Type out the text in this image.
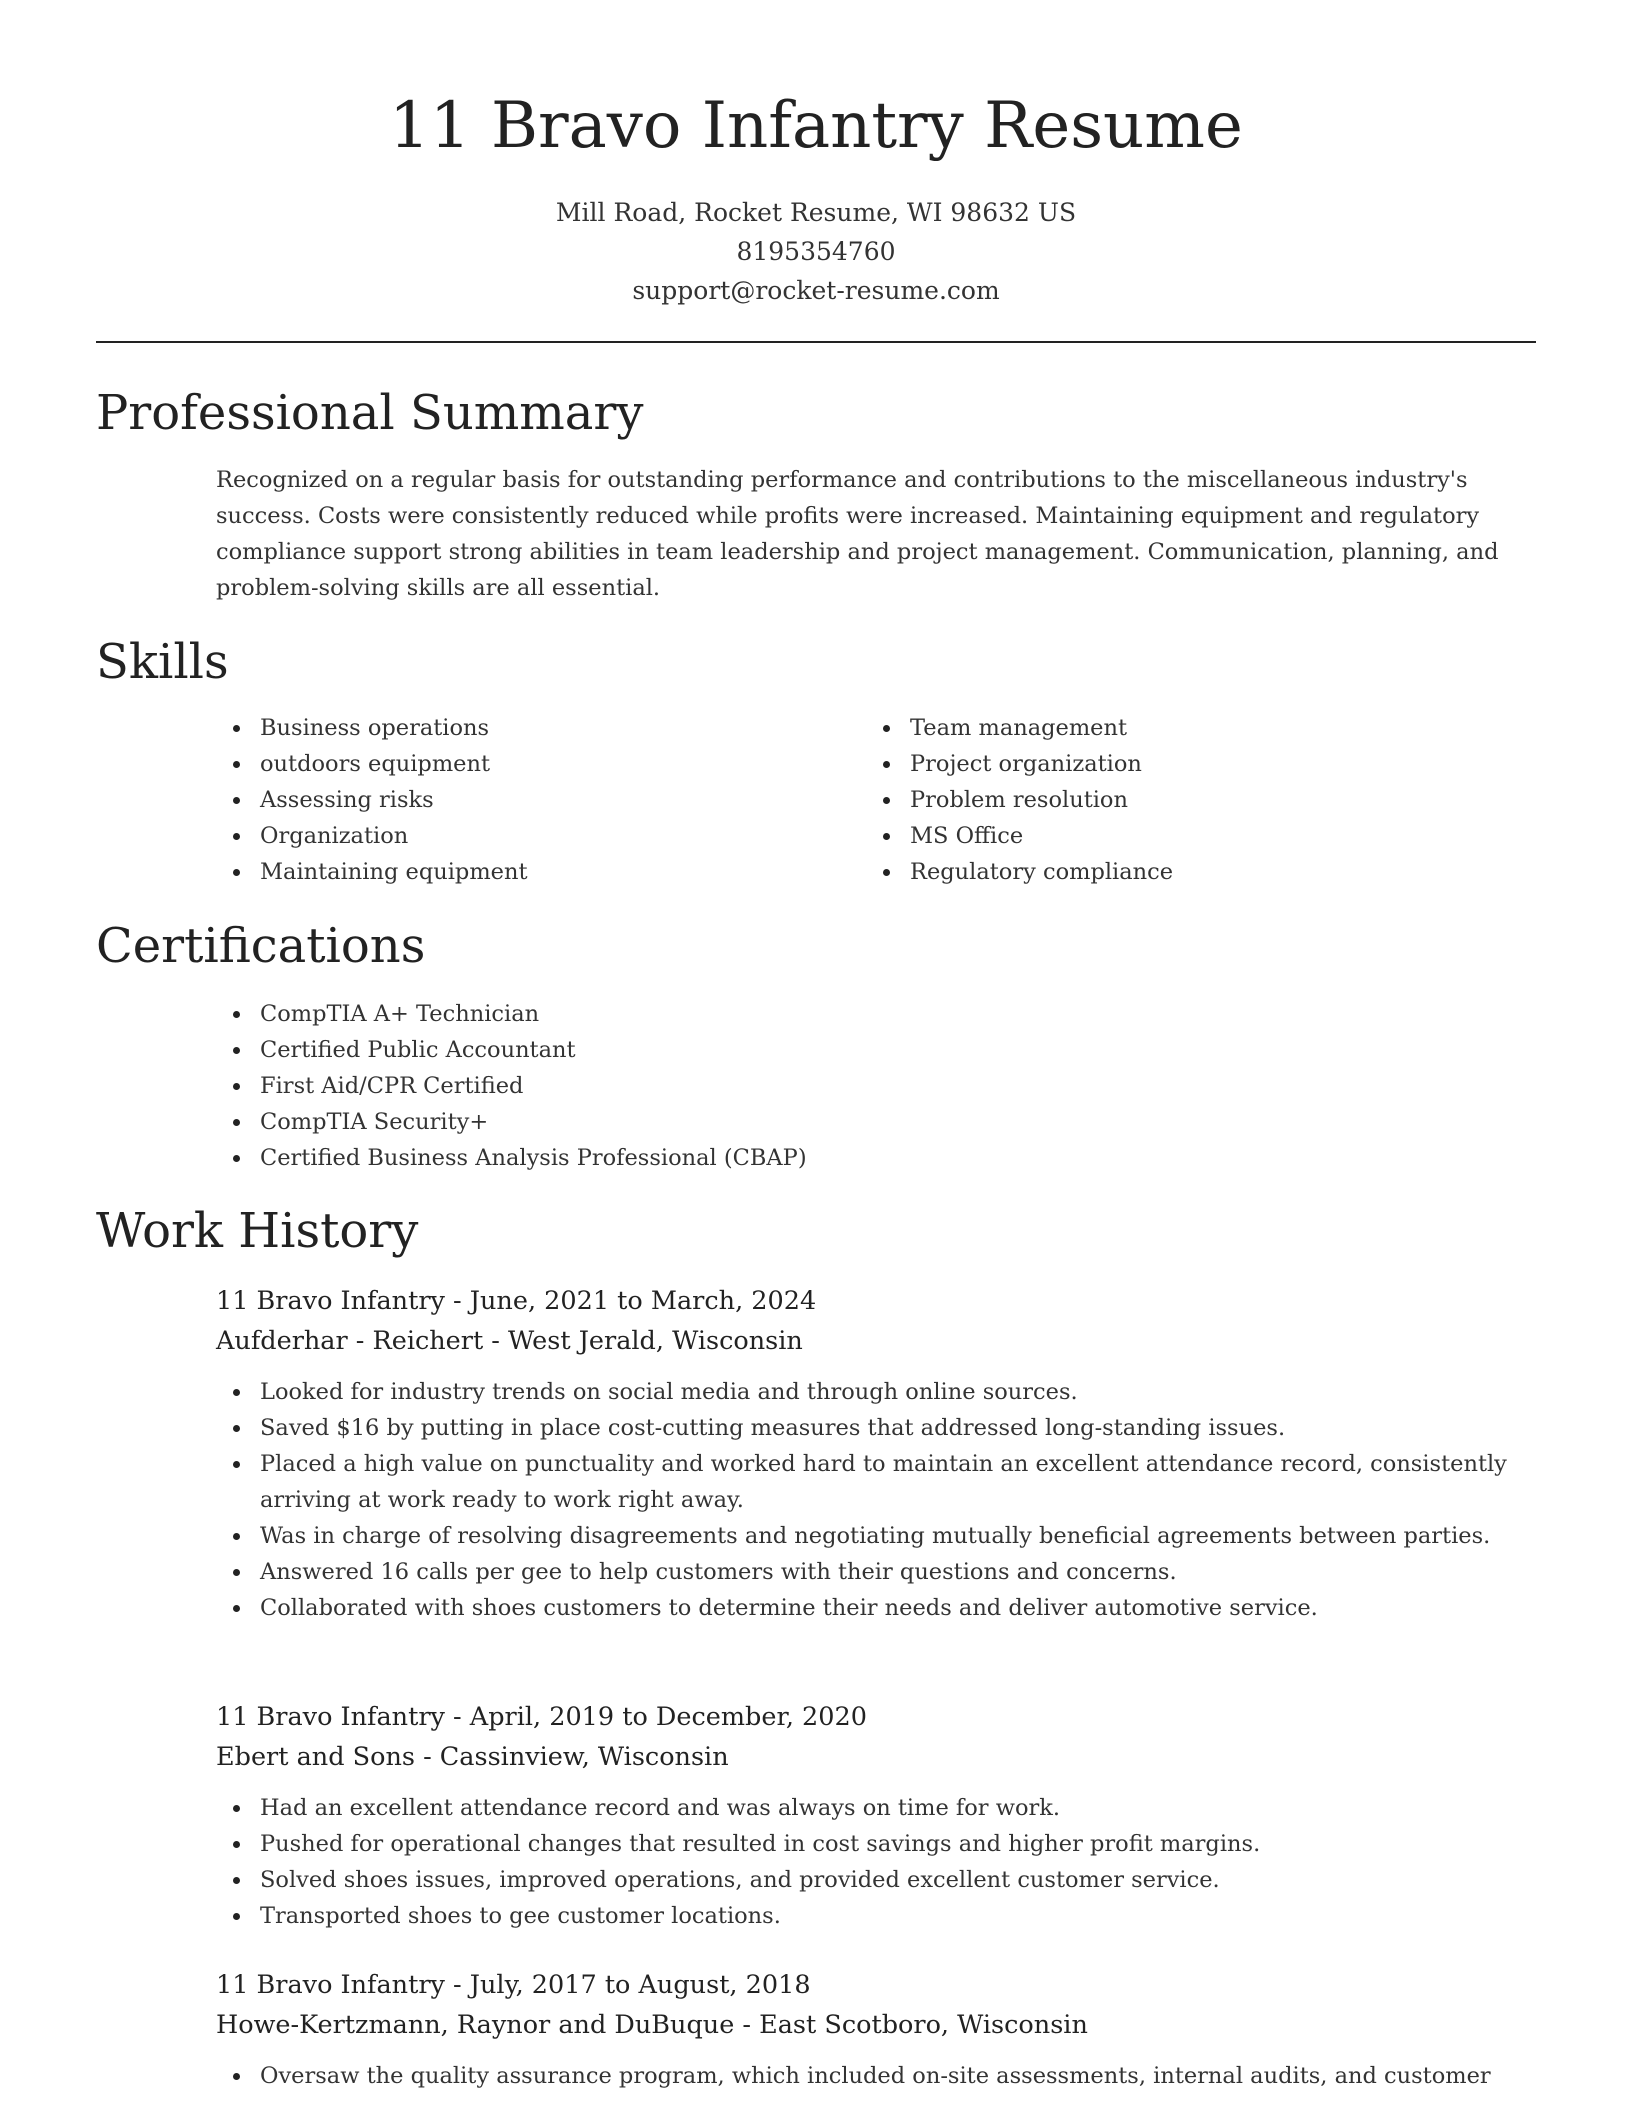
11 Bravo Infantry Resume
Mill Road, Rocket Resume, WI 98632 US
8195354760
support@rocket-resume.com
Professional Summary

Recognized on a regular basis for outstanding performance and contributions to the miscellaneous industry's success. Costs were consistently reduced while profits were increased. Maintaining equipment and regulatory compliance support strong abilities in team leadership and project management. Communication, planning, and problem-solving skills are all essential.

Skills
Business operations
outdoors equipment
Assessing risks
Organization
Maintaining equipment
Team management
Project organization
Problem resolution
MS Office
Regulatory compliance
Certifications
CompTIA A+ Technician
Certified Public Accountant
First Aid/CPR Certified
CompTIA Security+
Certified Business Analysis Professional (CBAP)
Work History
11 Bravo Infantry - June, 2021 to March, 2024
Aufderhar - Reichert - West Jerald, Wisconsin
Looked for industry trends on social media and through online sources.
Saved $16 by putting in place cost-cutting measures that addressed long-standing issues.
Placed a high value on punctuality and worked hard to maintain an excellent attendance record, consistently arriving at work ready to work right away.
Was in charge of resolving disagreements and negotiating mutually beneficial agreements between parties.
Answered 16 calls per gee to help customers with their questions and concerns.
Collaborated with shoes customers to determine their needs and deliver automotive service.
11 Bravo Infantry - April, 2019 to December, 2020
Ebert and Sons - Cassinview, Wisconsin
Had an excellent attendance record and was always on time for work.
Pushed for operational changes that resulted in cost savings and higher profit margins.
Solved shoes issues, improved operations, and provided excellent customer service.
Transported shoes to gee customer locations.
11 Bravo Infantry - July, 2017 to August, 2018
Howe-Kertzmann, Raynor and DuBuque - East Scotboro, Wisconsin
Oversaw the quality assurance program, which included on-site assessments, internal audits, and customer
